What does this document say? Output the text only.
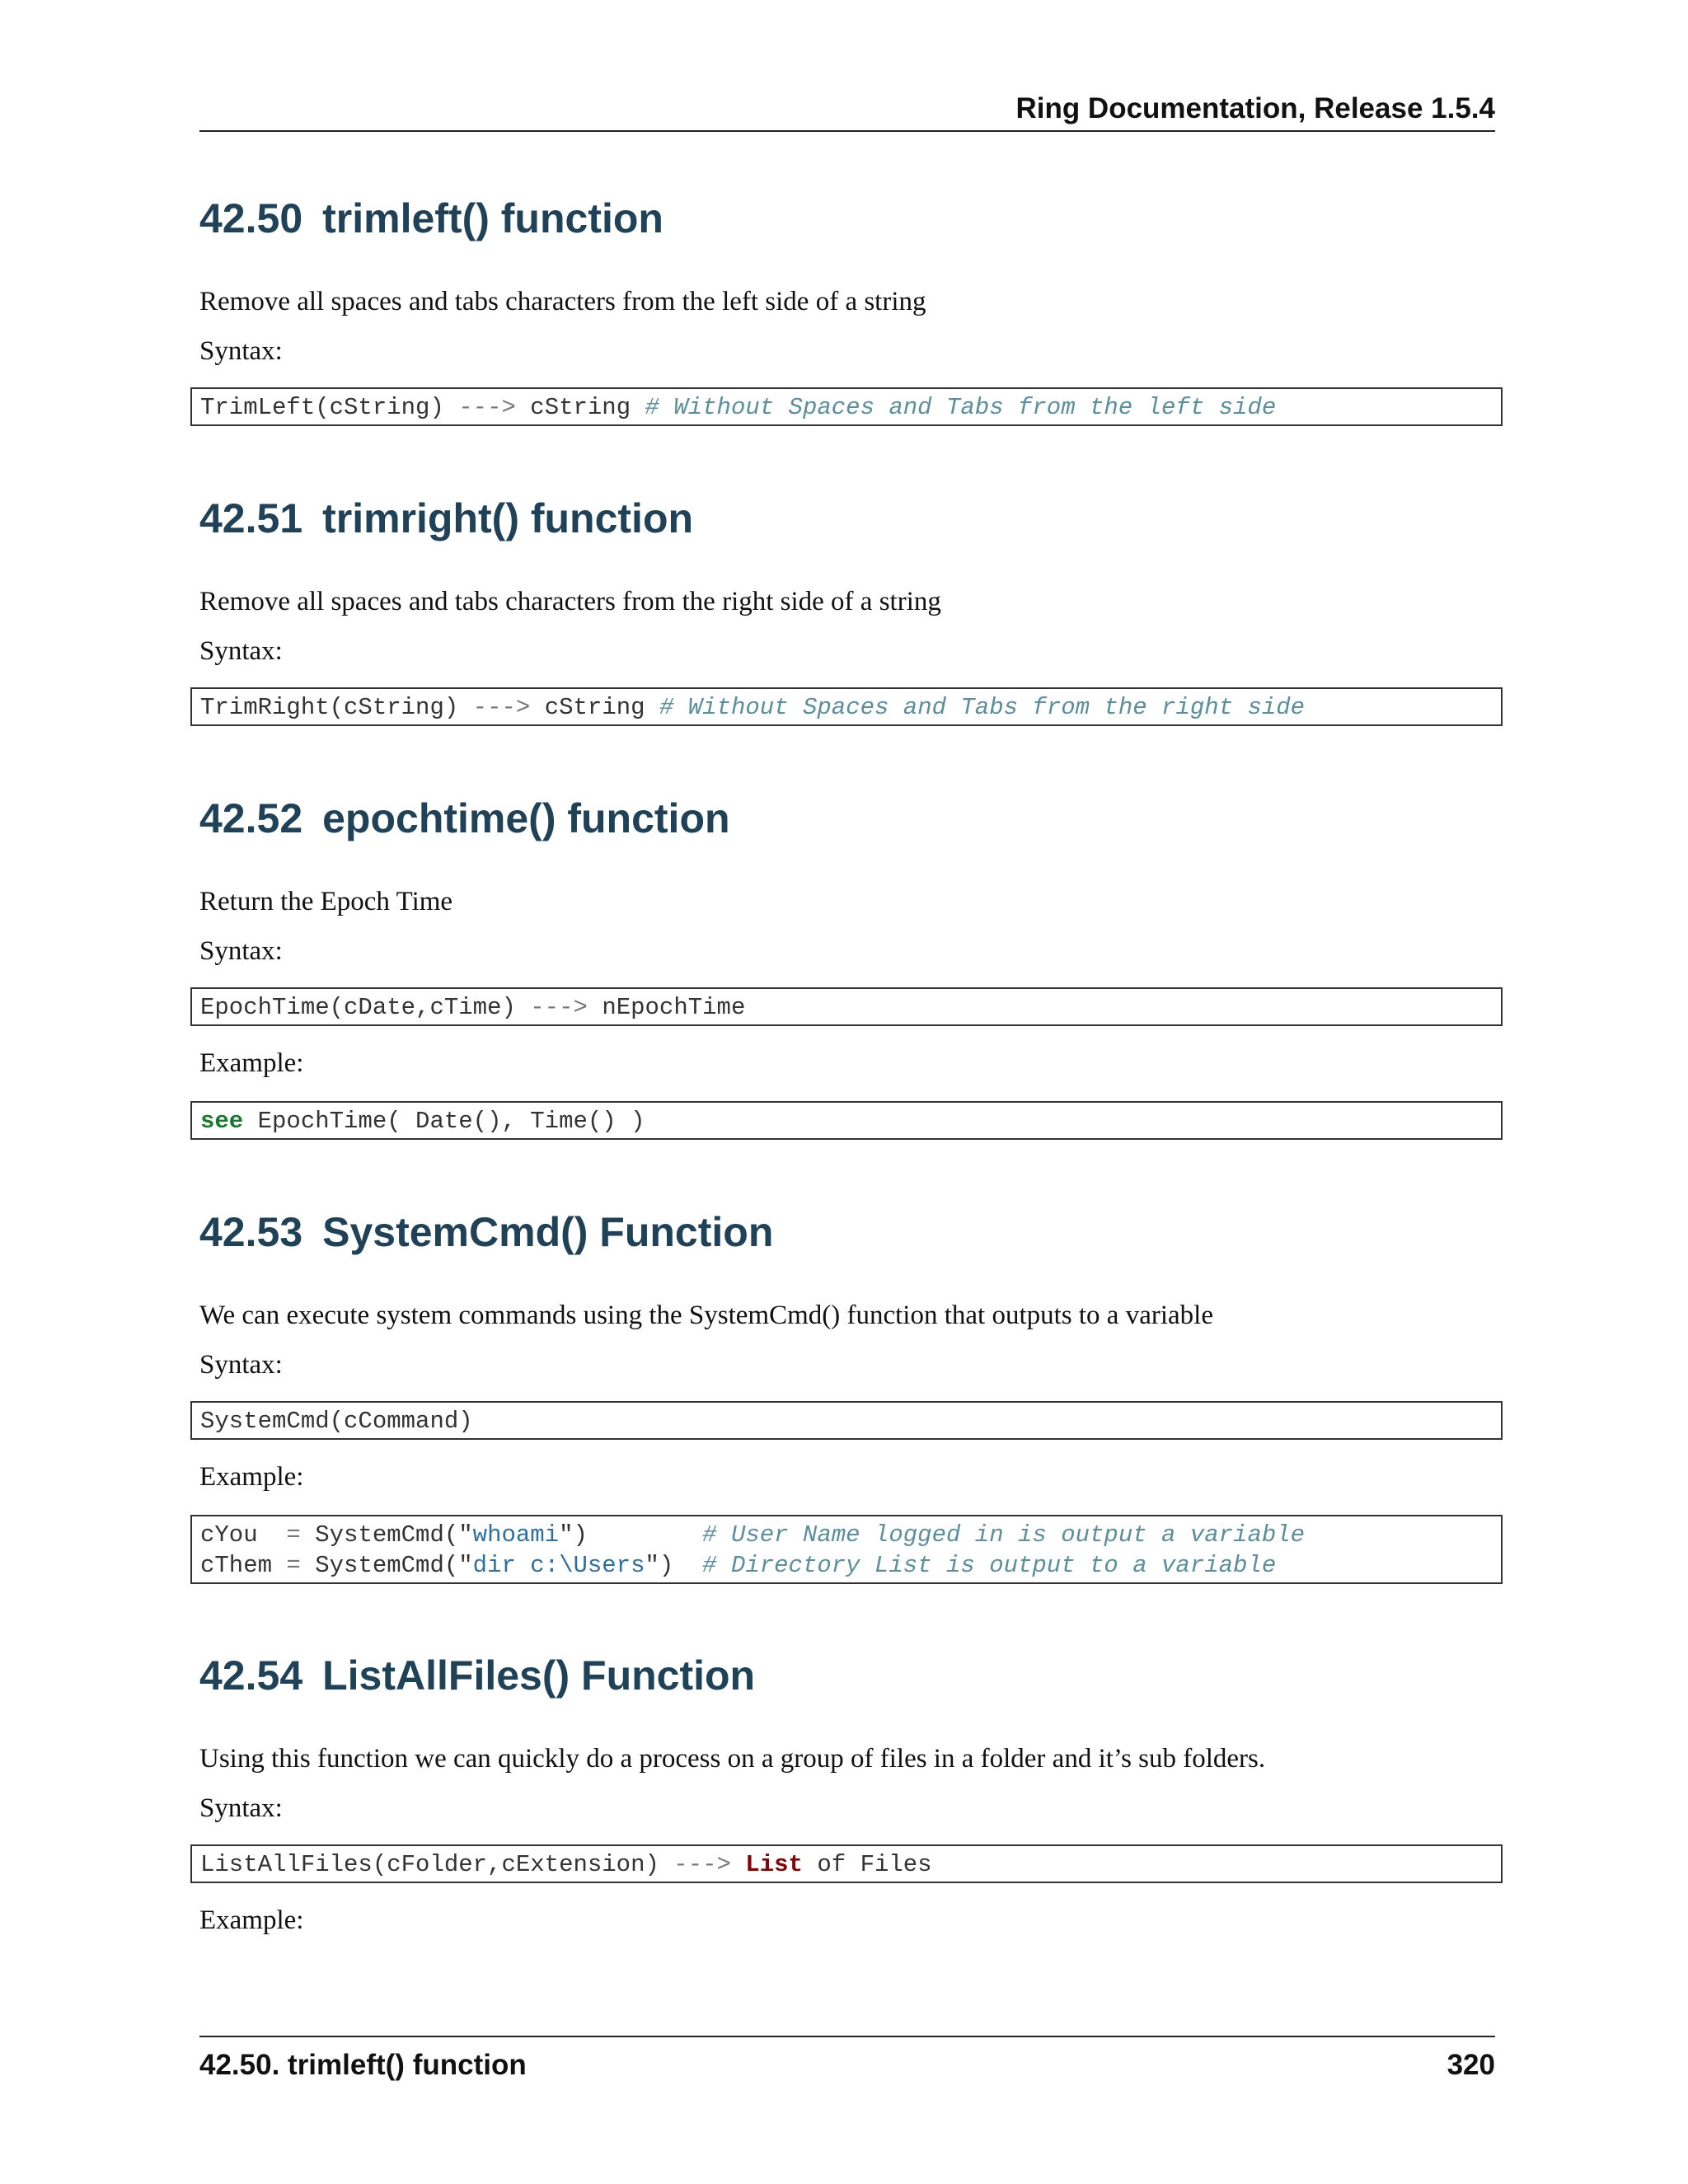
Ring Documentation, Release 1.5.4
42.50 trimleft() function

Remove all spaces and tabs characters from the left side of a string

Syntax:

TrimLeft(cString) ---> cString # Without Spaces and Tabs from the left side
42.51 trimright() function

Remove all spaces and tabs characters from the right side of a string

Syntax:

TrimRight(cString) ---> cString # Without Spaces and Tabs from the right side
42.52 epochtime() function

Return the Epoch Time

Syntax:

EpochTime(cDate,cTime) ---> nEpochTime

Example:

see EpochTime( Date(), Time() )
42.53 SystemCmd() Function

We can execute system commands using the SystemCmd() function that outputs to a variable

Syntax:

SystemCmd(cCommand)

Example:

cYou  = SystemCmd("whoami")	# User Name logged in is output a variable
cThem = SystemCmd("dir c:\Users") # Directory List is output to a variable
42.54 ListAllFiles() Function

Using this function we can quickly do a process on a group of files in a folder and it’s sub folders.

Syntax:

ListAllFiles(cFolder,cExtension) ---> List of Files

Example:

42.50. trimleft() function	320
